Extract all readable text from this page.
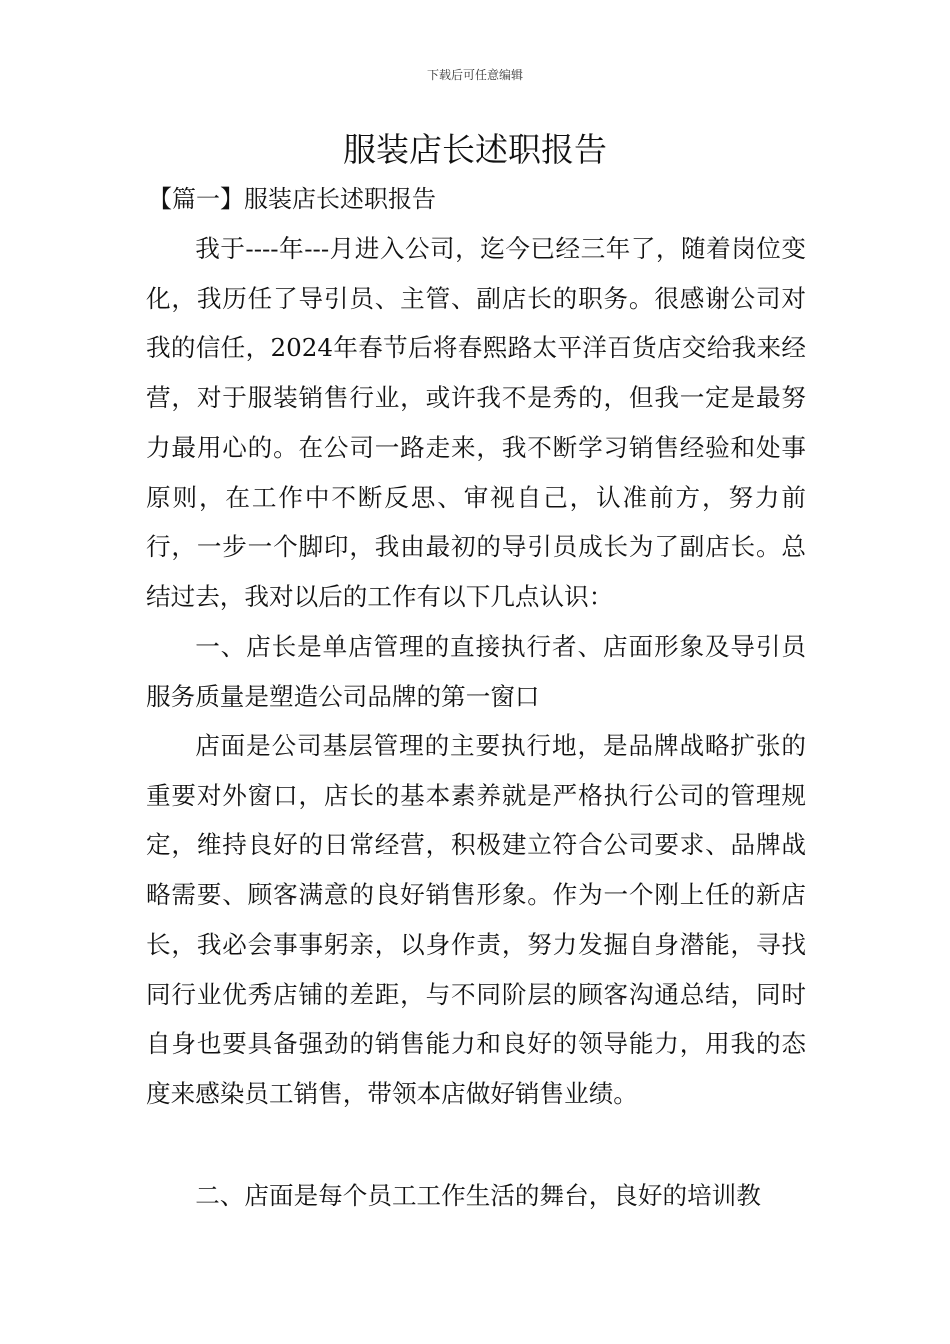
下载后可任意编辑
服装店长述职报告
【篇一】服装店长述职报告

我于----年---月进入公司，迄今已经三年了，随着岗位变化，我历任了导引员、主管、副店长的职务。很感谢公司对我的信任，2024年春节后将春熙路太平洋百货店交给我来经营，对于服装销售行业，或许我不是秀的，但我一定是最努力最用心的。在公司一路走来，我不断学习销售经验和处事原则，在工作中不断反思、审视自己，认准前方，努力前行，一步一个脚印，我由最初的导引员成长为了副店长。总结过去，我对以后的工作有以下几点认识：

一、店长是单店管理的直接执行者、店面形象及导引员服务质量是塑造公司品牌的第一窗口

店面是公司基层管理的主要执行地，是品牌战略扩张的重要对外窗口，店长的基本素养就是严格执行公司的管理规定，维持良好的日常经营，积极建立符合公司要求、品牌战略需要、顾客满意的良好销售形象。作为一个刚上任的新店长，我必会事事躬亲，以身作责，努力发掘自身潜能，寻找同行业优秀店铺的差距，与不同阶层的顾客沟通总结，同时自身也要具备强劲的销售能力和良好的领导能力，用我的态度来感染员工销售，带领本店做好销售业绩。

二、店面是每个员工工作生活的舞台，良好的培训教
